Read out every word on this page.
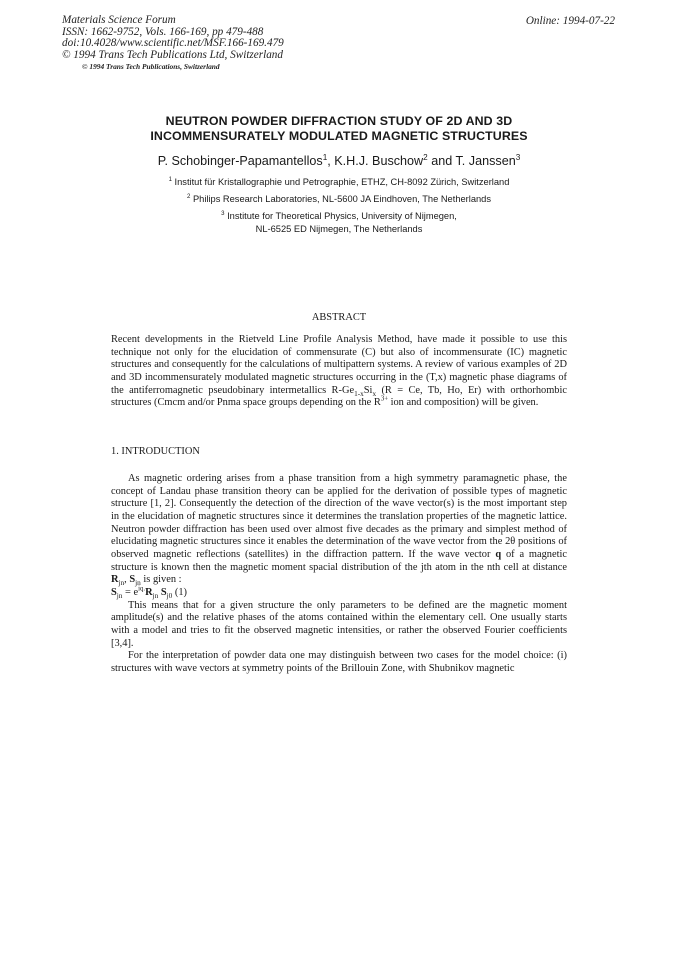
Materials Science Forum
ISSN: 1662-9752, Vols. 166-169, pp 479-488
doi:10.4028/www.scientific.net/MSF.166-169.479
© 1994 Trans Tech Publications Ltd, Switzerland
© 1994 Trans Tech Publications, Switzerland
Online: 1994-07-22
NEUTRON POWDER DIFFRACTION STUDY OF 2D AND 3D
INCOMMENSURATELY MODULATED MAGNETIC STRUCTURES
P. Schobinger-Papamantellos$^1$, K.H.J. Buschow$^2$ and T. Janssen$^3$
$^1$ Institut für Kristallographie und Petrographie, ETHZ, CH-8092 Zürich, Switzerland
$^2$ Philips Research Laboratories, NL-5600 JA Eindhoven, The Netherlands
$^3$ Institute for Theoretical Physics, University of Nijmegen,
NL-6525 ED Nijmegen, The Netherlands
ABSTRACT
Recent developments in the Rietveld Line Profile Analysis Method, have made it possible to use this technique not only for the elucidation of commensurate (C) but also of incommensurate (IC) magnetic structures and consequently for the calculations of multipattern systems. A review of various examples of 2D and 3D incommensurately modulated magnetic structures occurring in the (T,x) magnetic phase diagrams of the antiferromagnetic pseudobinary intermetallics $R-Ge_{1-x}Si_x$ (R = Ce, Tb, Ho, Er) with orthorhombic structures (Cmcm and/or Pnma space groups depending on the $R^{3+}$ ion and composition) will be given.
1. INTRODUCTION
As magnetic ordering arises from a phase transition from a high symmetry paramagnetic phase, the concept of Landau phase transition theory can be applied for the derivation of possible types of magnetic structure [1, 2]. Consequently the detection of the direction of the wave vector(s) is the most important step in the elucidation of magnetic structures since it determines the translation properties of the magnetic lattice. Neutron powder diffraction has been used over almost five decades as the primary and simplest method of elucidating magnetic structures since it enables the determination of the wave vector from the 2θ positions of observed magnetic reflections (satellites) in the diffraction pattern. If the wave vector q of a magnetic structure is known then the magnetic moment spacial distribution of the jth atom in the nth cell at distance $R_{jn}$, $S_{jn}$ is given :
$S_{jn} = e^{iq.}R_{jn}$ $S_{j0}$ (1)
This means that for a given structure the only parameters to be defined are the magnetic moment amplitude(s) and the relative phases of the atoms contained within the elementary cell. One usually starts with a model and tries to fit the observed magnetic intensities, or rather the observed Fourier coefficients [3,4].
For the interpretation of powder data one may distinguish between two cases for the model choice: (i) structures with wave vectors at symmetry points of the Brillouin Zone, with Shubnikov magnetic
